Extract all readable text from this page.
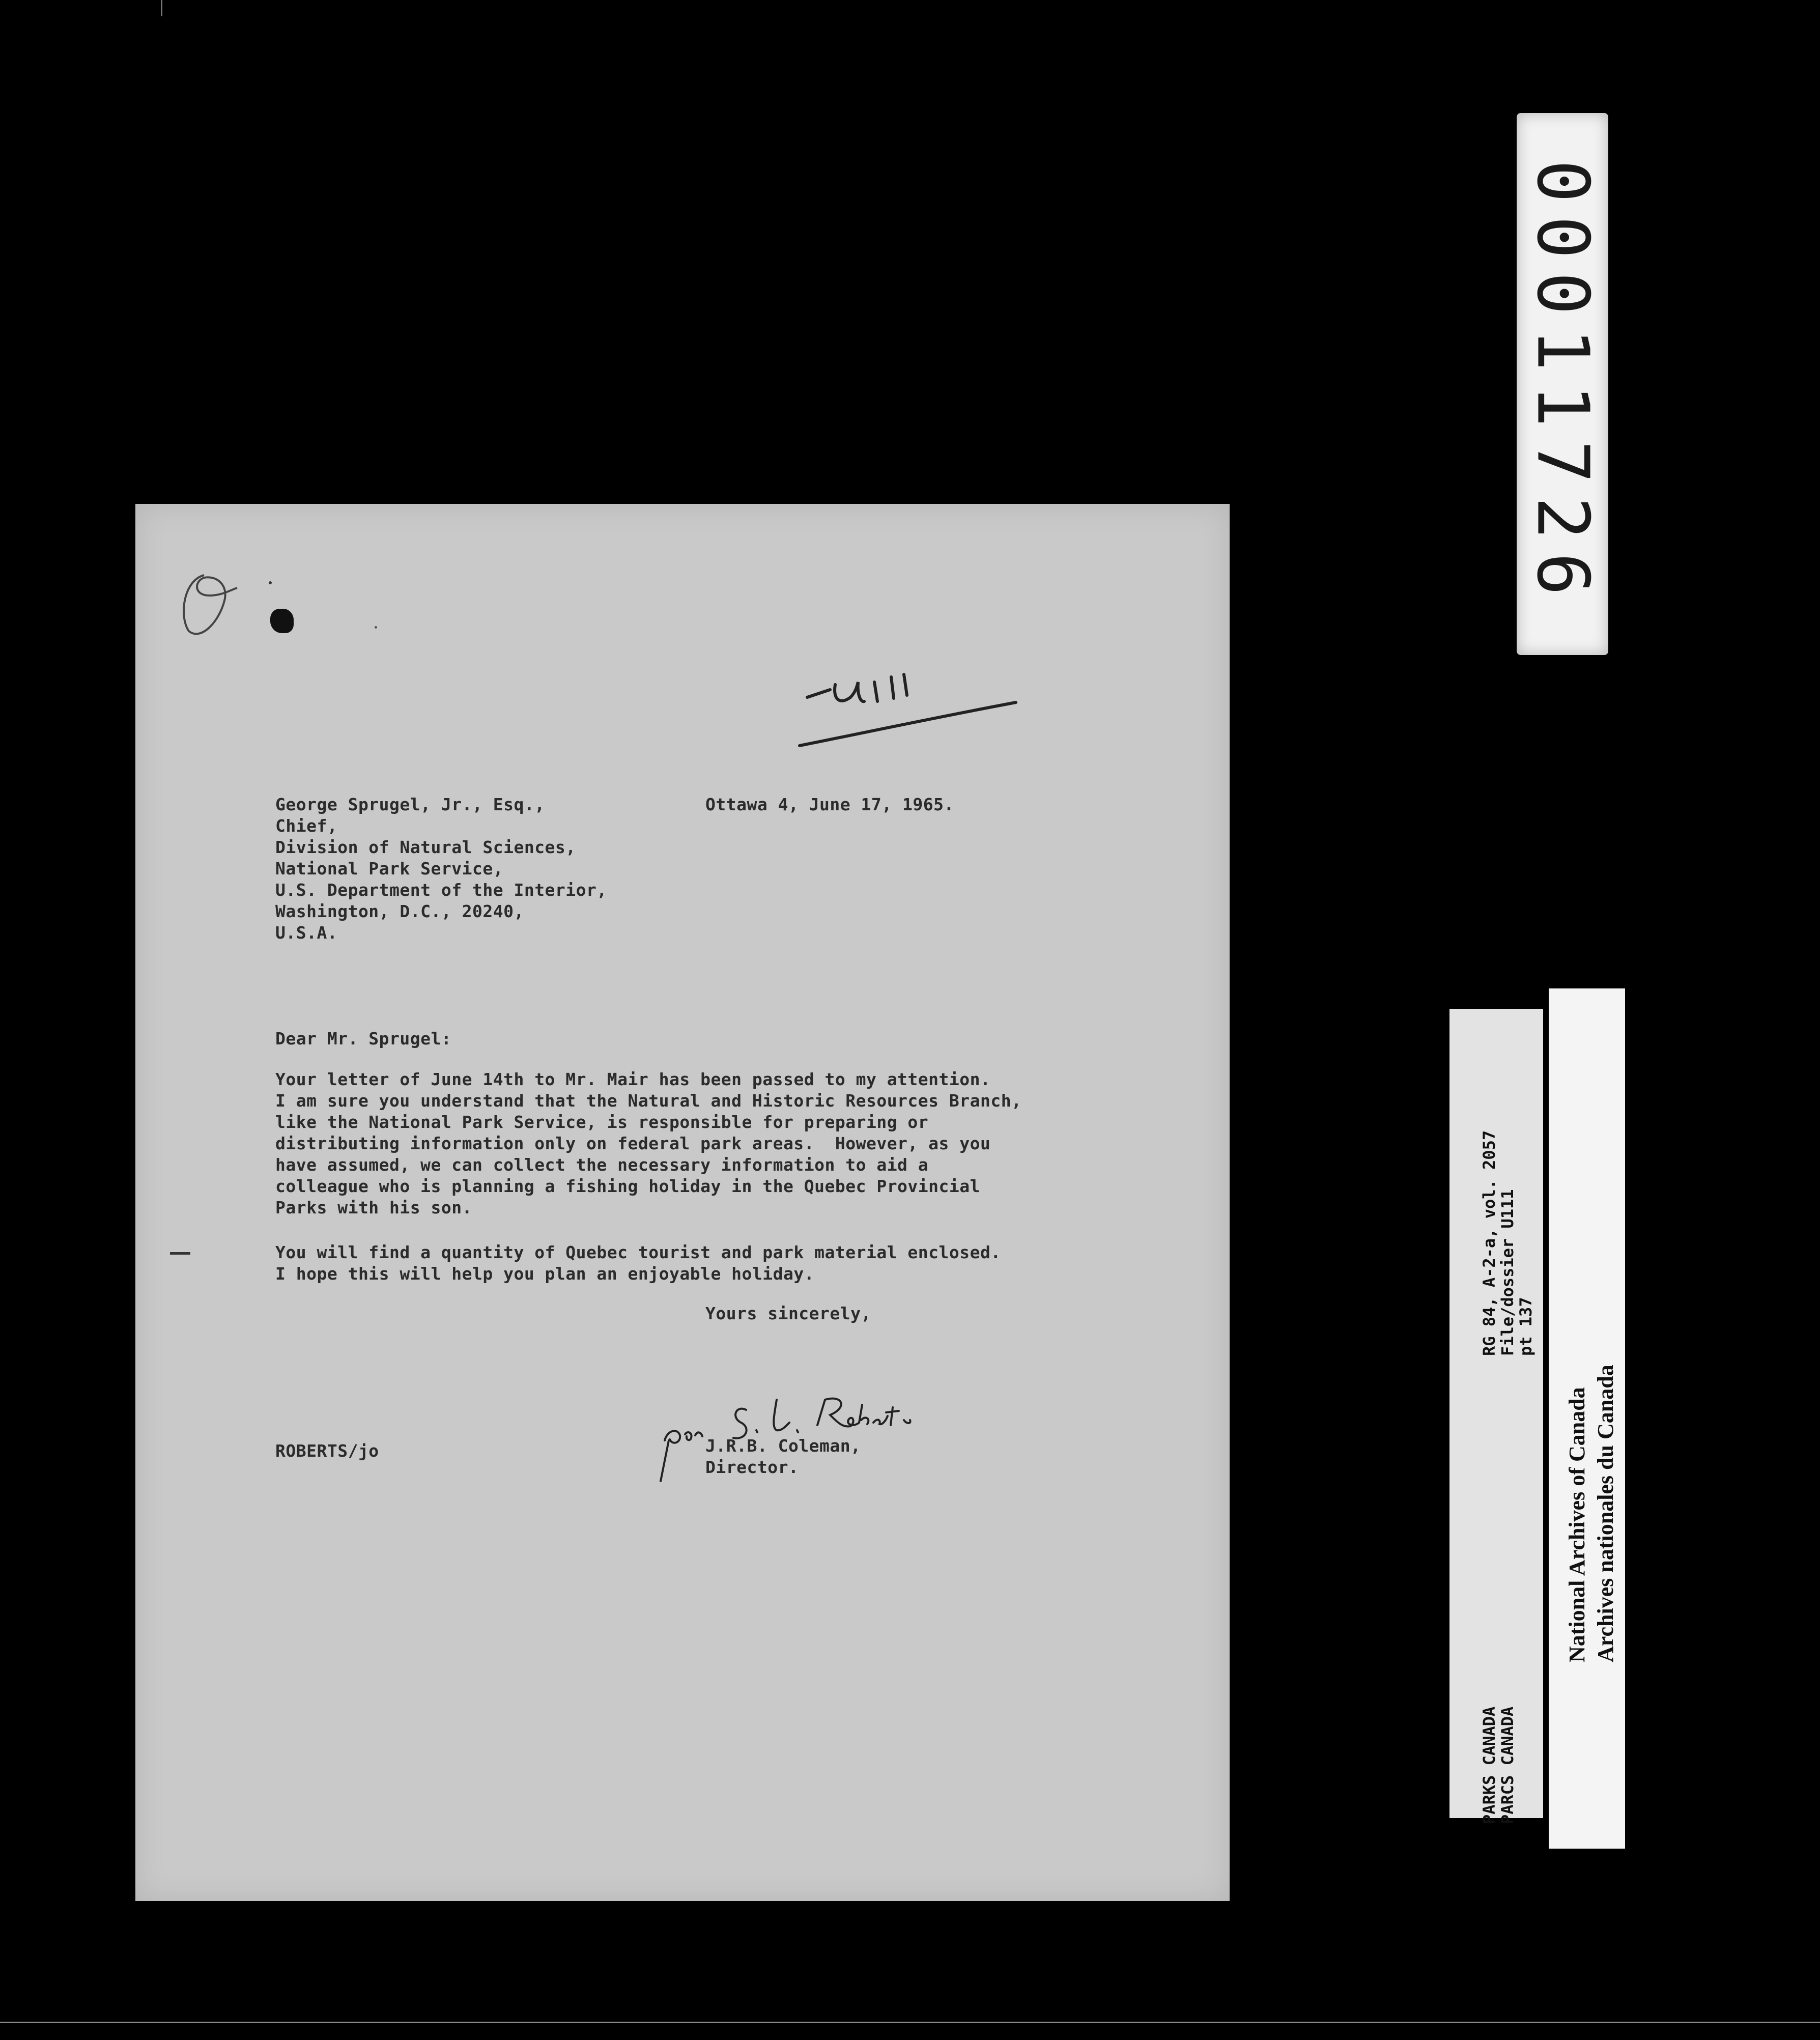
George Sprugel, Jr., Esq.,
Chief,
Division of Natural Sciences,
National Park Service,
U.S. Department of the Interior,
Washington, D.C., 20240,
U.S.A.
Ottawa 4, June 17, 1965.
Dear Mr. Sprugel:
Your letter of June 14th to Mr. Mair has been passed to my attention.
I am sure you understand that the Natural and Historic Resources Branch,
like the National Park Service, is responsible for preparing or
distributing information only on federal park areas.  However, as you
have assumed, we can collect the necessary information to aid a
colleague who is planning a fishing holiday in the Quebec Provincial
Parks with his son.
You will find a quantity of Quebec tourist and park material enclosed.
I hope this will help you plan an enjoyable holiday.
Yours sincerely,
ROBERTS/jo	J.R.B. Coleman,
Director.
00011726
RG 84, A-2-a, vol. 2057
File/dossier U111
pt 137
PARKS CANADA
PARCS CANADA
National Archives of Canada
Archives nationales du Canada
